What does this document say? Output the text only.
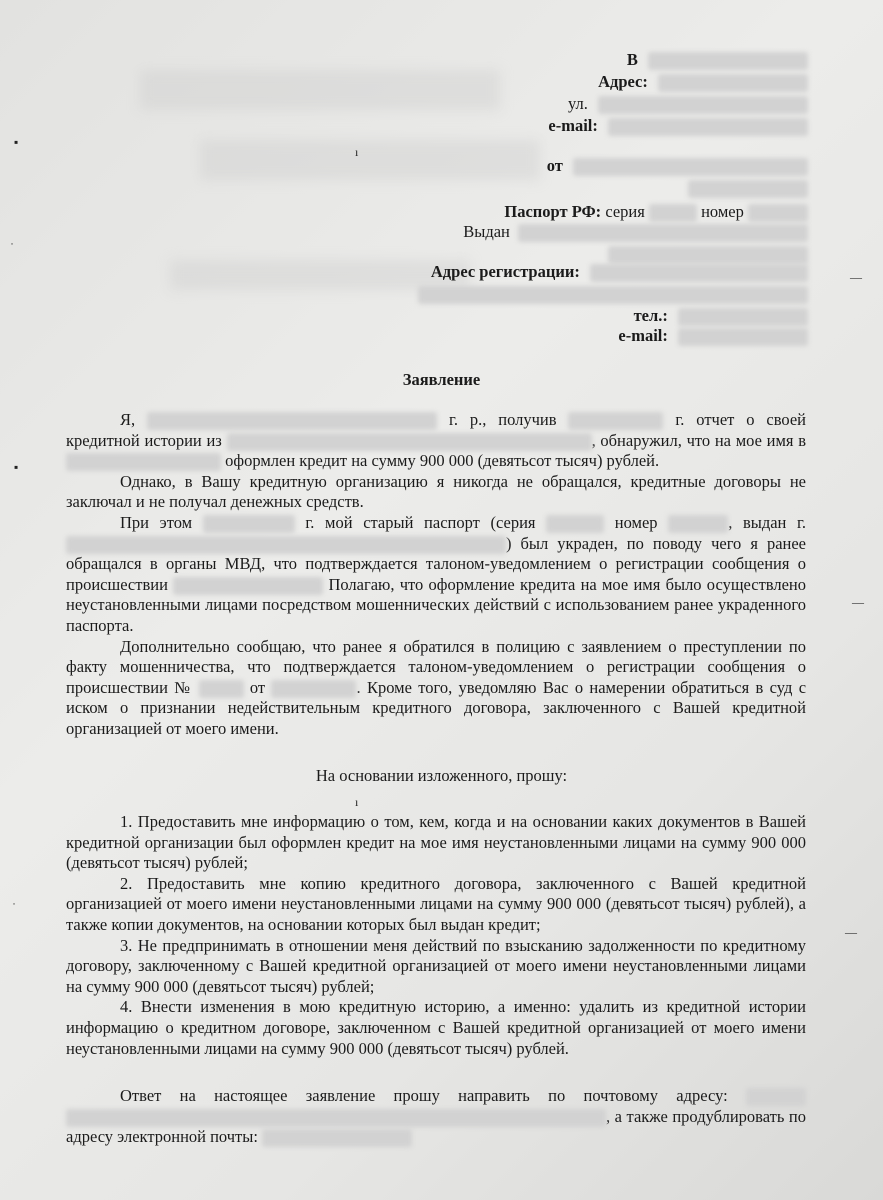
В
Адрес:
ул.
e-mail:
от
Паспорт РФ: серия	номер
Выдан
Адрес регистрации:
тел.:
e-mail:
Заявление

Я,	г. р., получив	г. отчет о своей кредитной истории из	, обнаружил, что на мое имя в  оформлен кредит на сумму 900 000 (девятьсот тысяч) рублей.

Однако, в Вашу кредитную организацию я никогда не обращался, кредитные договоры не заключал и не получал денежных средств.

При этом	г. мой старый паспорт (серия	номер	, выдан г. ) был украден, по поводу чего я ранее обращался в органы МВД, что подтверждается талоном-уведомлением о регистрации сообщения о происшествии	Полагаю, что оформление кредита на мое имя было осуществлено неустановленными лицами посредством мошеннических действий с использованием ранее украденного паспорта.

Дополнительно сообщаю, что ранее я обратился в полицию с заявлением о преступлении по факту мошенничества, что подтверждается талоном-уведомлением о регистрации сообщения о происшествии №	от	. Кроме того, уведомляю Вас о намерении обратиться в суд с иском о признании недействительным кредитного договора, заключенного с Вашей кредитной организацией от моего имени.

На основании изложенного, прошу:

1. Предоставить мне информацию о том, кем, когда и на основании каких документов в Вашей кредитной организации был оформлен кредит на мое имя неустановленными лицами на сумму 900 000 (девятьсот тысяч) рублей;

2. Предоставить мне копию кредитного договора, заключенного с Вашей кредитной организацией от моего имени неустановленными лицами на сумму 900 000 (девятьсот тысяч) рублей), а также копии документов, на основании которых был выдан кредит;

3. Не предпринимать в отношении меня действий по взысканию задолженности по кредитному договору, заключенному с Вашей кредитной организацией от моего имени неустановленными лицами на сумму 900 000 (девятьсот тысяч) рублей;

4. Внести изменения в мою кредитную историю, а именно: удалить из кредитной истории информацию о кредитном договоре, заключенном с Вашей кредитной организацией от моего имени неустановленными лицами на сумму 900 000 (девятьсот тысяч) рублей.

Ответ на настоящее заявление прошу направить по почтовому адресу:  , а также продублировать по адресу электронной почты:

▪
˙
▪
ı
ı
—
—
—
˙
